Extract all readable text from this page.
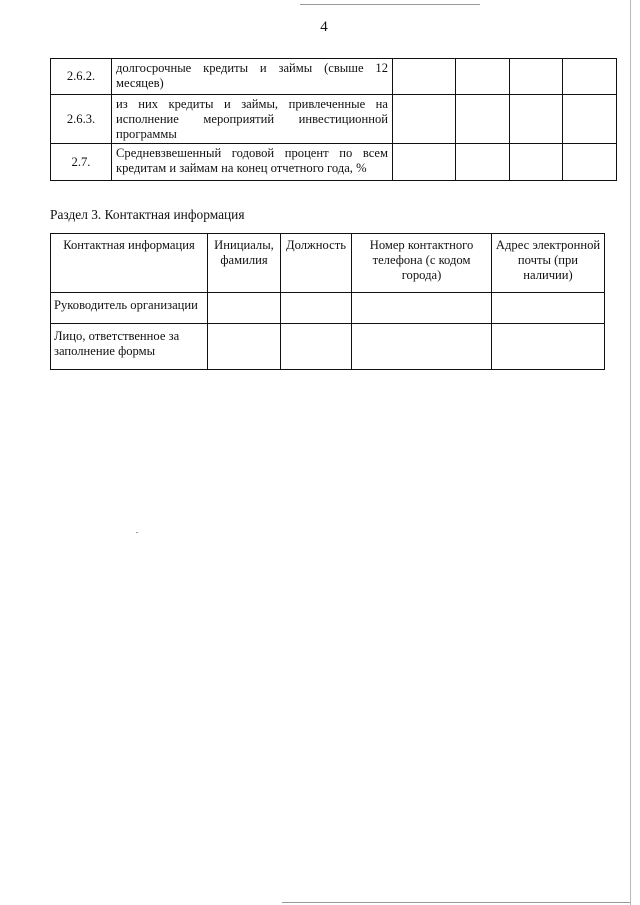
4
2.6.2.	долгосрочные кредиты и займы (свыше 12
месяцев)				

2.6.3.	из них кредиты и займы, привлеченные на
исполнение мероприятий инвестиционной
программы				

2.7.	Средневзвешенный годовой процент по всем
кредитам и займам на конец отчетного года, %				

Раздел 3. Контактная информация
Контактная информация	Инициалы, фамилия	Должность	Номер контактного телефона (с кодом города)	Адрес электронной почты (при наличии)
Руководитель организации				
Лицо, ответственное за заполнение формы				
